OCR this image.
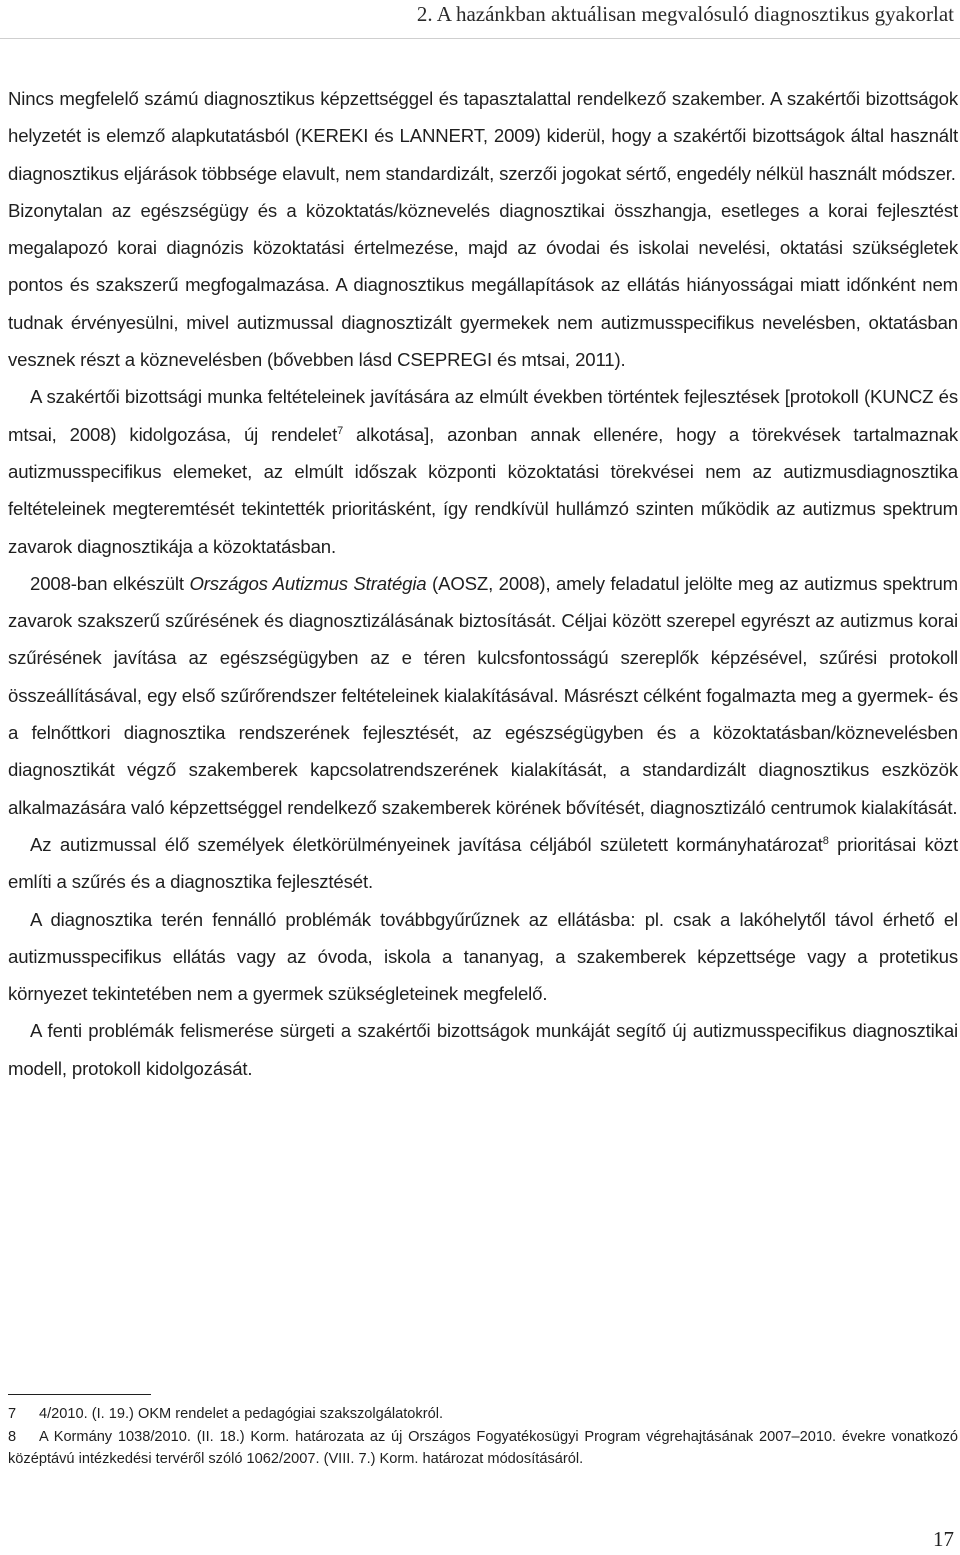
2. A hazánkban aktuálisan megvalósuló diagnosztikus gyakorlat

Nincs megfelelő számú diagnosztikus képzettséggel és tapasztalattal rendelkező szakember. A szakértői bizottságok helyzetét is elemző alapkutatásból (KEREKI és LANNERT, 2009) kiderül, hogy a szakértői bizottságok által használt diagnosztikus eljárások többsége elavult, nem standardizált, szerzői jogokat sértő, engedély nélkül használt módszer.

Bizonytalan az egészségügy és a közoktatás/köznevelés diagnosztikai összhangja, esetleges a korai fejlesztést megalapozó korai diagnózis közoktatási értelmezése, majd az óvodai és iskolai nevelési, oktatási szükségletek pontos és szakszerű megfogalmazása. A diagnosztikus megállapítások az ellátás hiányosságai miatt időnként nem tudnak érvényesülni, mivel autizmussal diagnosztizált gyermekek nem autizmusspecifikus nevelésben, oktatásban vesznek részt a köznevelésben (bővebben lásd CSEPREGI és mtsai, 2011).

A szakértői bizottsági munka feltételeinek javítására az elmúlt években történtek fejlesztések [protokoll (KUNCZ és mtsai, 2008) kidolgozása, új rendelet$^7$ alkotása], azonban annak ellenére, hogy a törekvések tartalmaznak autizmusspecifikus elemeket, az elmúlt időszak központi közoktatási törekvései nem az autizmusdiagnosztika feltételeinek megteremtését tekintették prioritásként, így rendkívül hullámzó szinten működik az autizmus spektrum zavarok diagnosztikája a közoktatásban.

2008-ban elkészült Országos Autizmus Stratégia (AOSZ, 2008), amely feladatul jelölte meg az autizmus spektrum zavarok szakszerű szűrésének és diagnosztizálásának biztosítását. Céljai között szerepel egyrészt az autizmus korai szűrésének javítása az egészségügyben az e téren kulcsfontosságú szereplők képzésével, szűrési protokoll összeállításával, egy első szűrőrendszer feltételeinek kialakításával. Másrészt célként fogalmazta meg a gyermek- és a felnőttkori diagnosztika rendszerének fejlesztését, az egészségügyben és a közoktatásban/köznevelésben diagnosztikát végző szakemberek kapcsolatrendszerének kialakítását, a standardizált diagnosztikus eszközök alkalmazására való képzettséggel rendelkező szakemberek körének bővítését, diagnosztizáló centrumok kialakítását.

Az autizmussal élő személyek életkörülményeinek javítása céljából született kormányhatározat$^8$ prioritásai közt említi a szűrés és a diagnosztika fejlesztését.

A diagnosztika terén fennálló problémák továbbgyűrűznek az ellátásba: pl. csak a lakóhelytől távol érhető el autizmusspecifikus ellátás vagy az óvoda, iskola a tananyag, a szakemberek képzettsége vagy a protetikus környezet tekintetében nem a gyermek szükségleteinek megfelelő.

A fenti problémák felismerése sürgeti a szakértői bizottságok munkáját segítő új autizmusspecifikus diagnosztikai modell, protokoll kidolgozását.

7 4/2010. (I. 19.) OKM rendelet a pedagógiai szakszolgálatokról.

8 A Kormány 1038/2010. (II. 18.) Korm. határozata az új Országos Fogyatékosügyi Program végrehajtásának 2007–2010. évekre vonatkozó középtávú intézkedési tervéről szóló 1062/2007. (VIII. 7.) Korm. határozat módosításáról.

17
